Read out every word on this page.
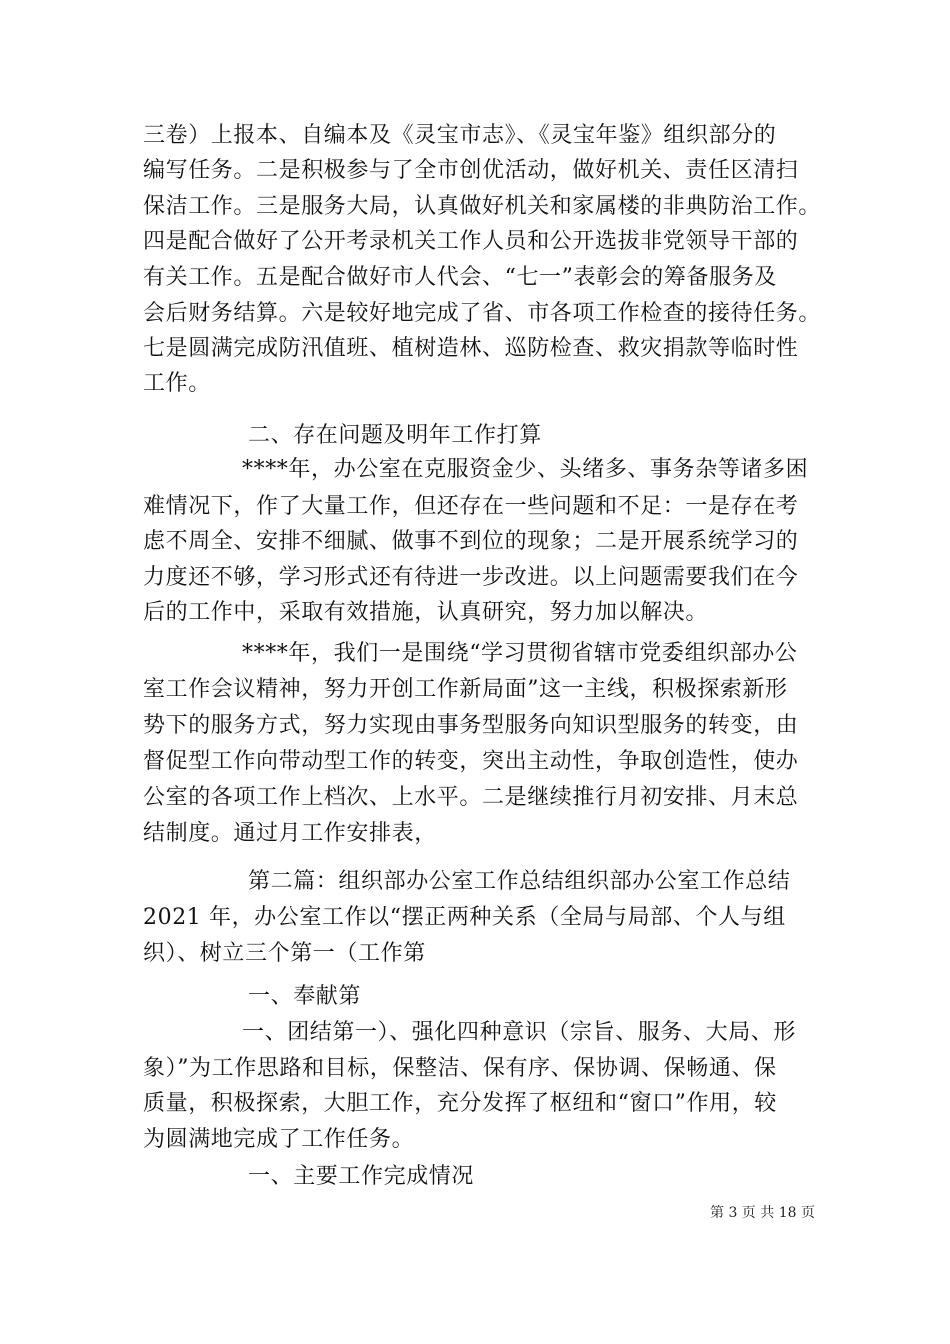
三卷）上报本、自编本及《灵宝市志》、《灵宝年鉴》组织部分的
编写任务。二是积极参与了全市创优活动，做好机关、责任区清扫
保洁工作。三是服务大局，认真做好机关和家属楼的非典防治工作。
四是配合做好了公开考录机关工作人员和公开选拔非党领导干部的
有关工作。五是配合做好市人代会、“七一”表彰会的筹备服务及
会后财务结算。六是较好地完成了省、市各项工作检查的接待任务。
七是圆满完成防汛值班、植树造林、巡防检查、救灾捐款等临时性
工作。
二、存在问题及明年工作打算
****年，办公室在克服资金少、头绪多、事务杂等诸多困
难情况下，作了大量工作，但还存在一些问题和不足：一是存在考
虑不周全、安排不细腻、做事不到位的现象；二是开展系统学习的
力度还不够，学习形式还有待进一步改进。以上问题需要我们在今
后的工作中，采取有效措施，认真研究，努力加以解决。
****年，我们一是围绕“学习贯彻省辖市党委组织部办公
室工作会议精神，努力开创工作新局面”这一主线，积极探索新形
势下的服务方式，努力实现由事务型服务向知识型服务的转变，由
督促型工作向带动型工作的转变，突出主动性，争取创造性，使办
公室的各项工作上档次、上水平。二是继续推行月初安排、月末总
结制度。通过月工作安排表，
第二篇：组织部办公室工作总结组织部办公室工作总结
2021 年，办公室工作以“摆正两种关系（全局与局部、个人与组
织）、树立三个第一（工作第
一、奉献第
一、团结第一）、强化四种意识（宗旨、服务、大局、形
象）”为工作思路和目标，保整洁、保有序、保协调、保畅通、保
质量，积极探索，大胆工作，充分发挥了枢纽和“窗口”作用，较
为圆满地完成了工作任务。
一、主要工作完成情况
第 3 页 共 18 页
